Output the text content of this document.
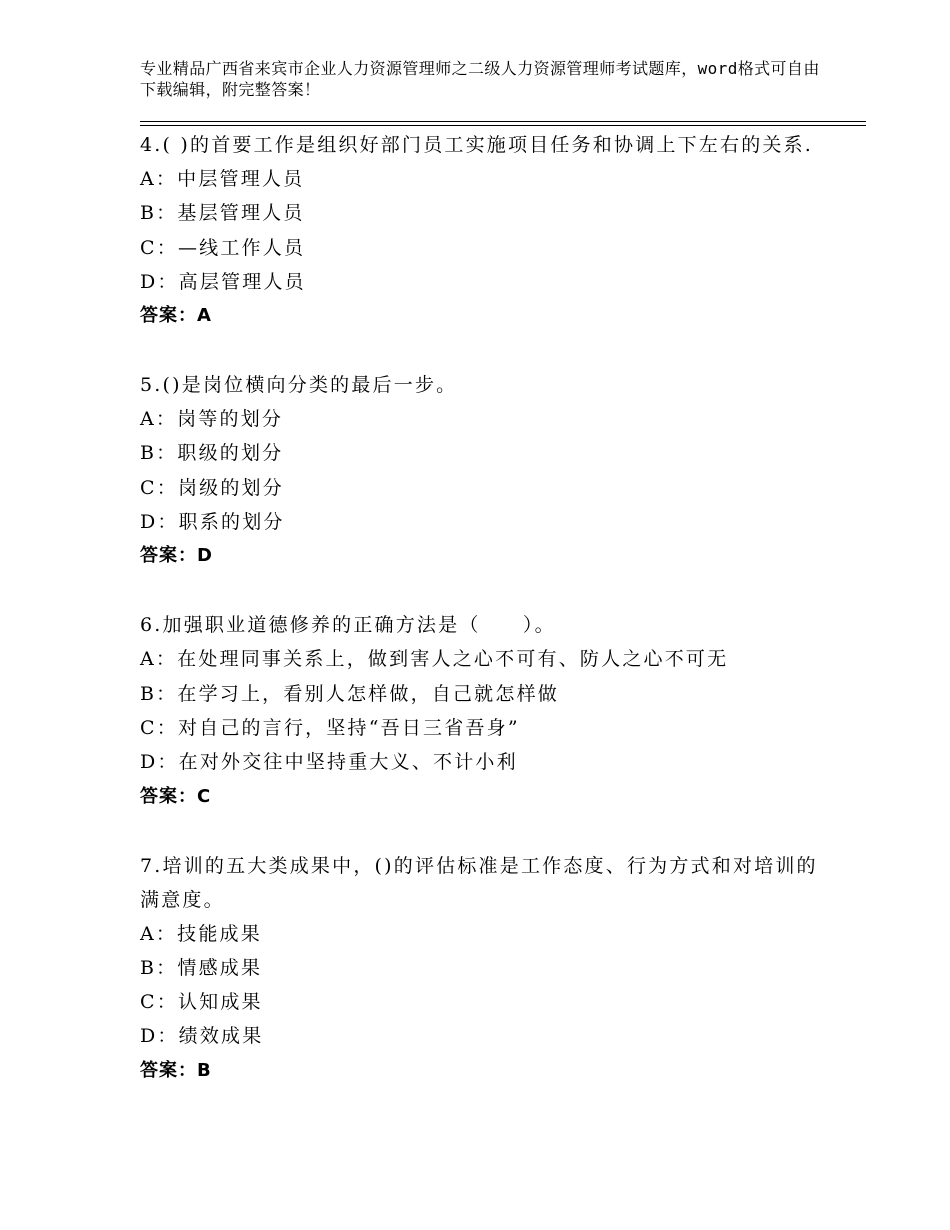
专业精品广西省来宾市企业人力资源管理师之二级人力资源管理师考试题库，word格式可自由下载编辑，附完整答案！
4.( )的首要工作是组织好部门员工实施项目任务和协调上下左右的关系.
A：中层管理人员
B：基层管理人员
C：—线工作人员
D：高层管理人员
答案：A
5.()是岗位横向分类的最后一步。
A：岗等的划分
B：职级的划分
C：岗级的划分
D：职系的划分
答案：D
6.加强职业道德修养的正确方法是（　　）。
A：在处理同事关系上，做到害人之心不可有、防人之心不可无
B：在学习上，看别人怎样做，自己就怎样做
C：对自己的言行，坚持“吾日三省吾身”
D：在对外交往中坚持重大义、不计小利
答案：C
7.培训的五大类成果中，()的评估标准是工作态度、行为方式和对培训的满意度。
A：技能成果
B：情感成果
C：认知成果
D：绩效成果
答案：B
